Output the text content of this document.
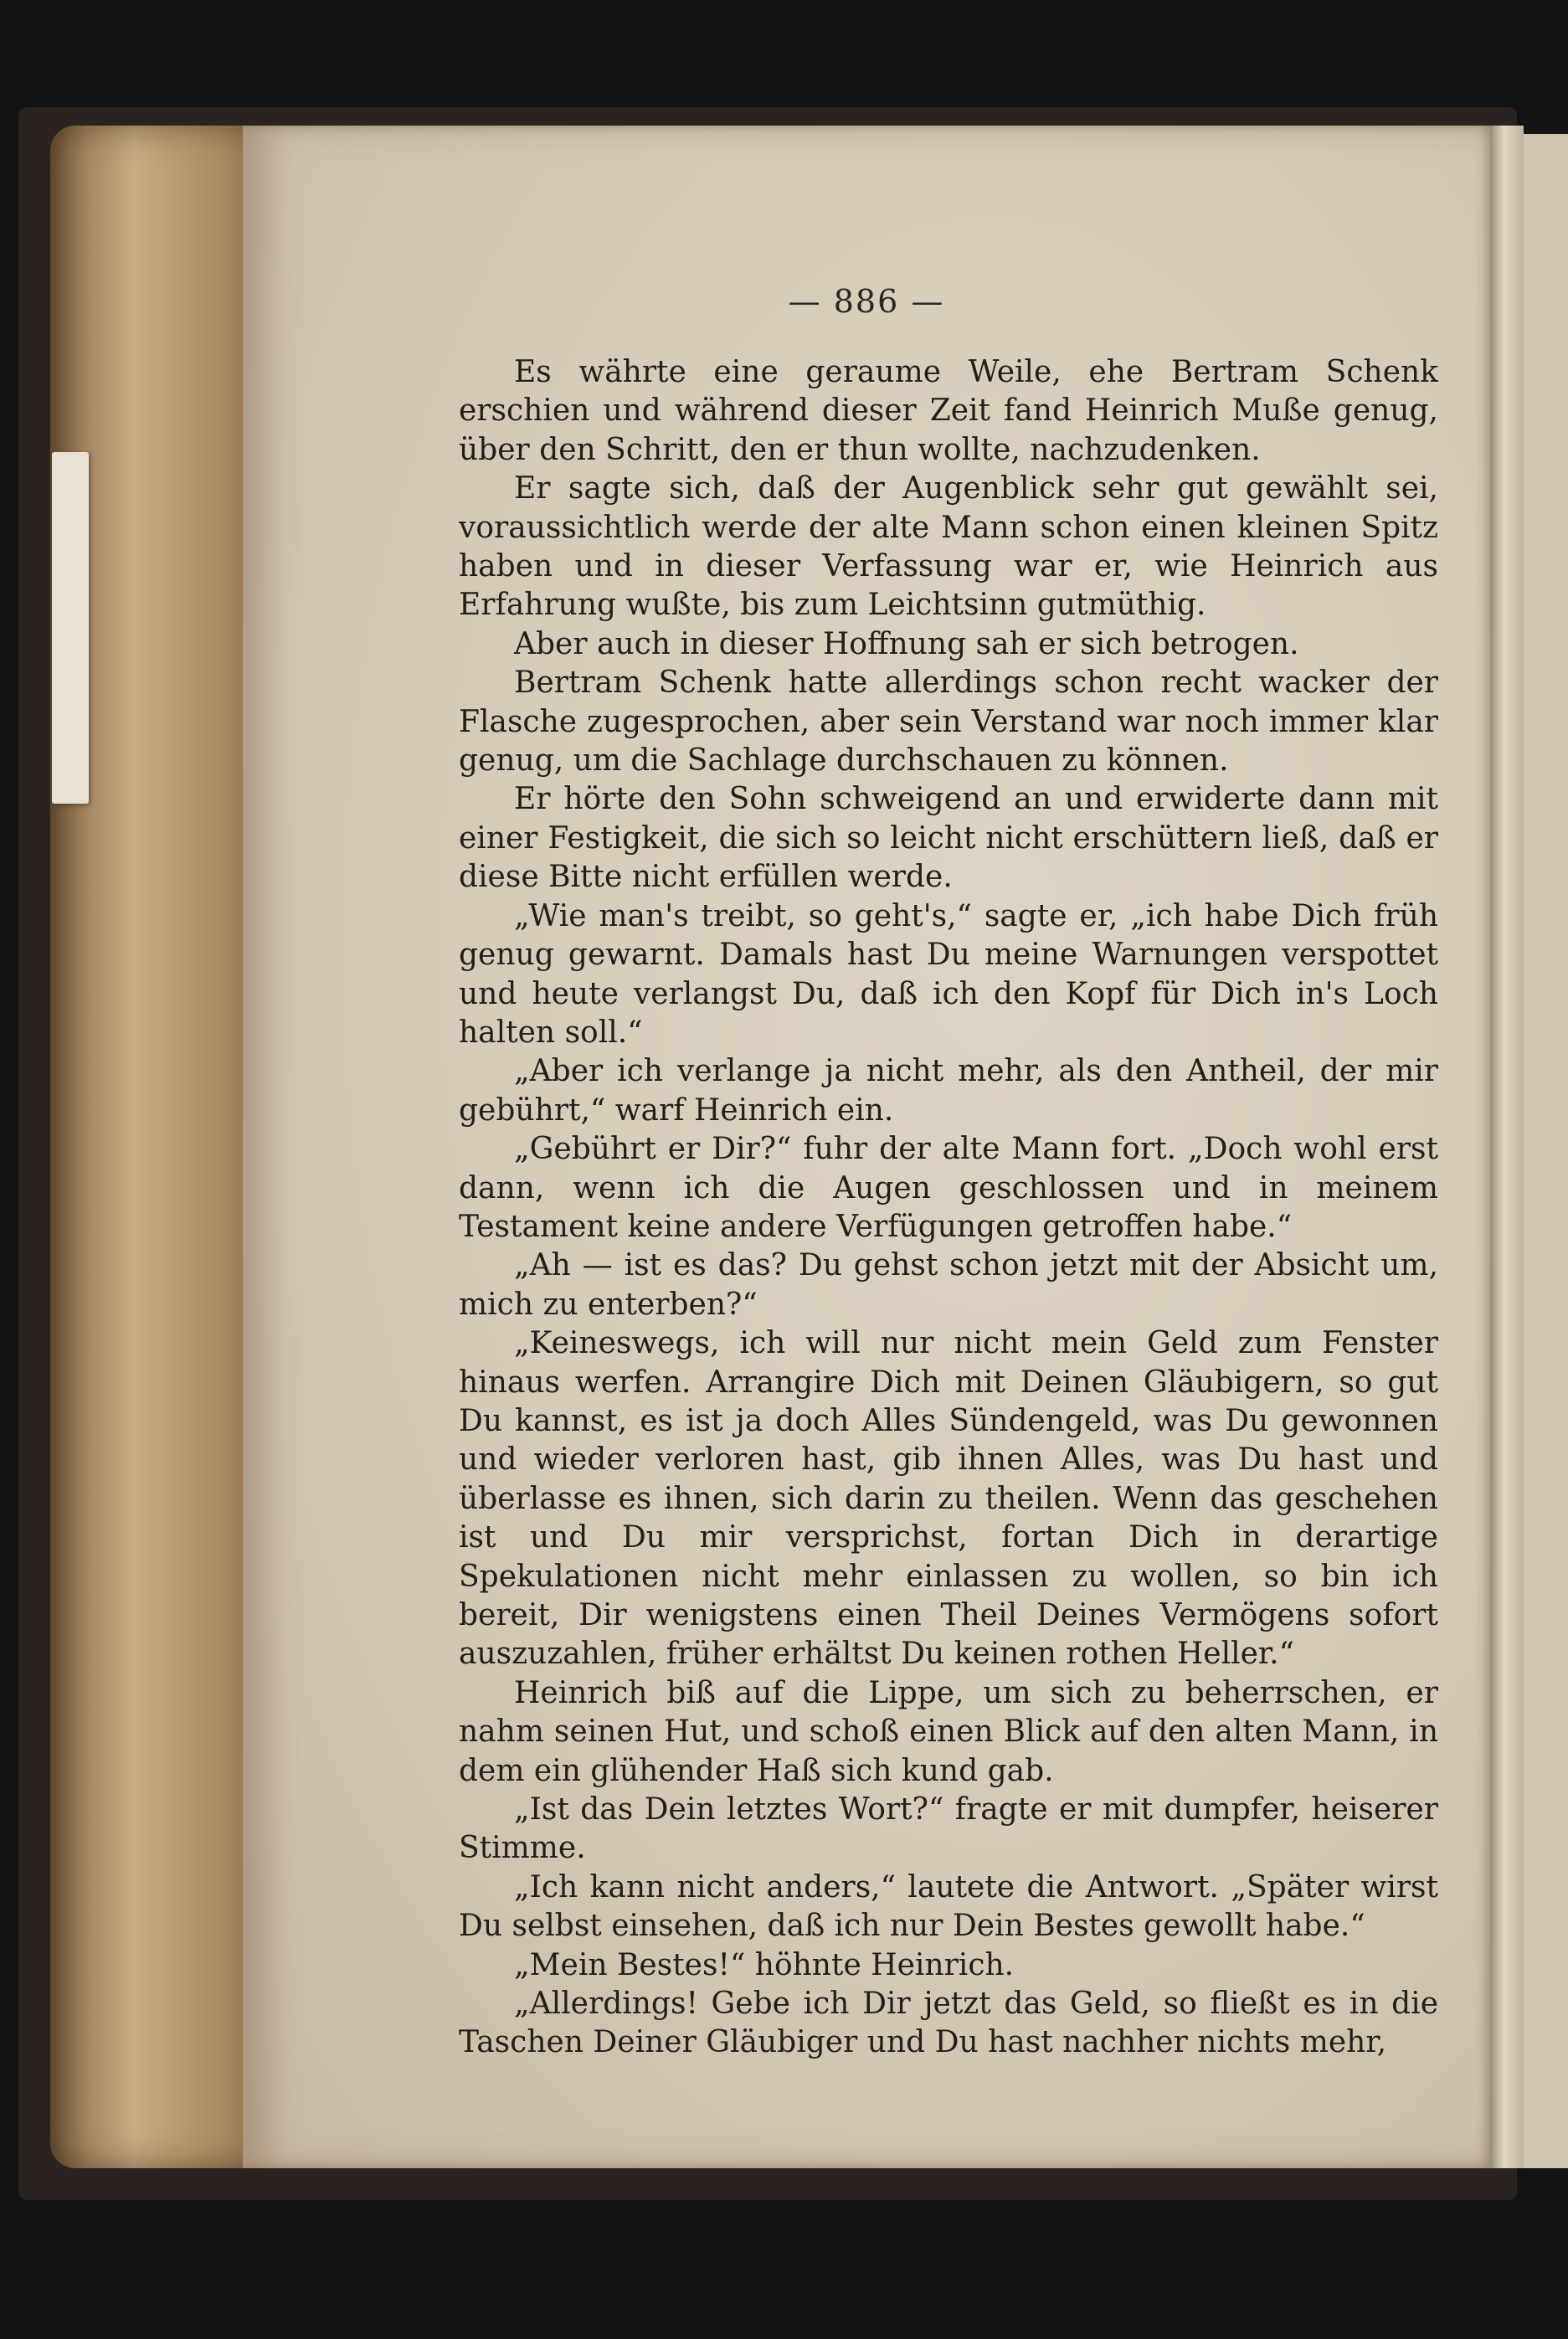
— 886 —

Es währte eine geraume Weile, ehe Bertram Schenk erschien und während dieser Zeit fand Heinrich Muße genug, über den Schritt, den er thun wollte, nachzudenken.

Er sagte sich, daß der Augenblick sehr gut gewählt sei, voraussichtlich werde der alte Mann schon einen kleinen Spitz haben und in dieser Verfassung war er, wie Heinrich aus Erfahrung wußte, bis zum Leichtsinn gutmüthig.

Aber auch in dieser Hoffnung sah er sich betrogen.

Bertram Schenk hatte allerdings schon recht wacker der Flasche zugesprochen, aber sein Verstand war noch immer klar genug, um die Sachlage durchschauen zu können.

Er hörte den Sohn schweigend an und erwiderte dann mit einer Festigkeit, die sich so leicht nicht erschüttern ließ, daß er diese Bitte nicht erfüllen werde.

„Wie man's treibt, so geht's,“ sagte er, „ich habe Dich früh genug gewarnt. Damals hast Du meine Warnungen verspottet und heute verlangst Du, daß ich den Kopf für Dich in's Loch halten soll.“

„Aber ich verlange ja nicht mehr, als den Antheil, der mir gebührt,“ warf Heinrich ein.

„Gebührt er Dir?“ fuhr der alte Mann fort. „Doch wohl erst dann, wenn ich die Augen geschlossen und in meinem Testament keine andere Verfügungen getroffen habe.“

„Ah — ist es das? Du gehst schon jetzt mit der Absicht um, mich zu enterben?“

„Keineswegs, ich will nur nicht mein Geld zum Fenster hinaus werfen. Arrangire Dich mit Deinen Gläubigern, so gut Du kannst, es ist ja doch Alles Sündengeld, was Du gewonnen und wieder verloren hast, gib ihnen Alles, was Du hast und überlasse es ihnen, sich darin zu theilen. Wenn das geschehen ist und Du mir versprichst, fortan Dich in derartige Spekulationen nicht mehr einlassen zu wollen, so bin ich bereit, Dir wenigstens einen Theil Deines Vermögens sofort auszuzahlen, früher erhältst Du keinen rothen Heller.“

Heinrich biß auf die Lippe, um sich zu beherrschen, er nahm seinen Hut, und schoß einen Blick auf den alten Mann, in dem ein glühender Haß sich kund gab.

„Ist das Dein letztes Wort?“ fragte er mit dumpfer, heiserer Stimme.

„Ich kann nicht anders,“ lautete die Antwort. „Später wirst Du selbst einsehen, daß ich nur Dein Bestes gewollt habe.“

„Mein Bestes!“ höhnte Heinrich.

„Allerdings! Gebe ich Dir jetzt das Geld, so fließt es in die Taschen Deiner Gläubiger und Du hast nachher nichts mehr,
